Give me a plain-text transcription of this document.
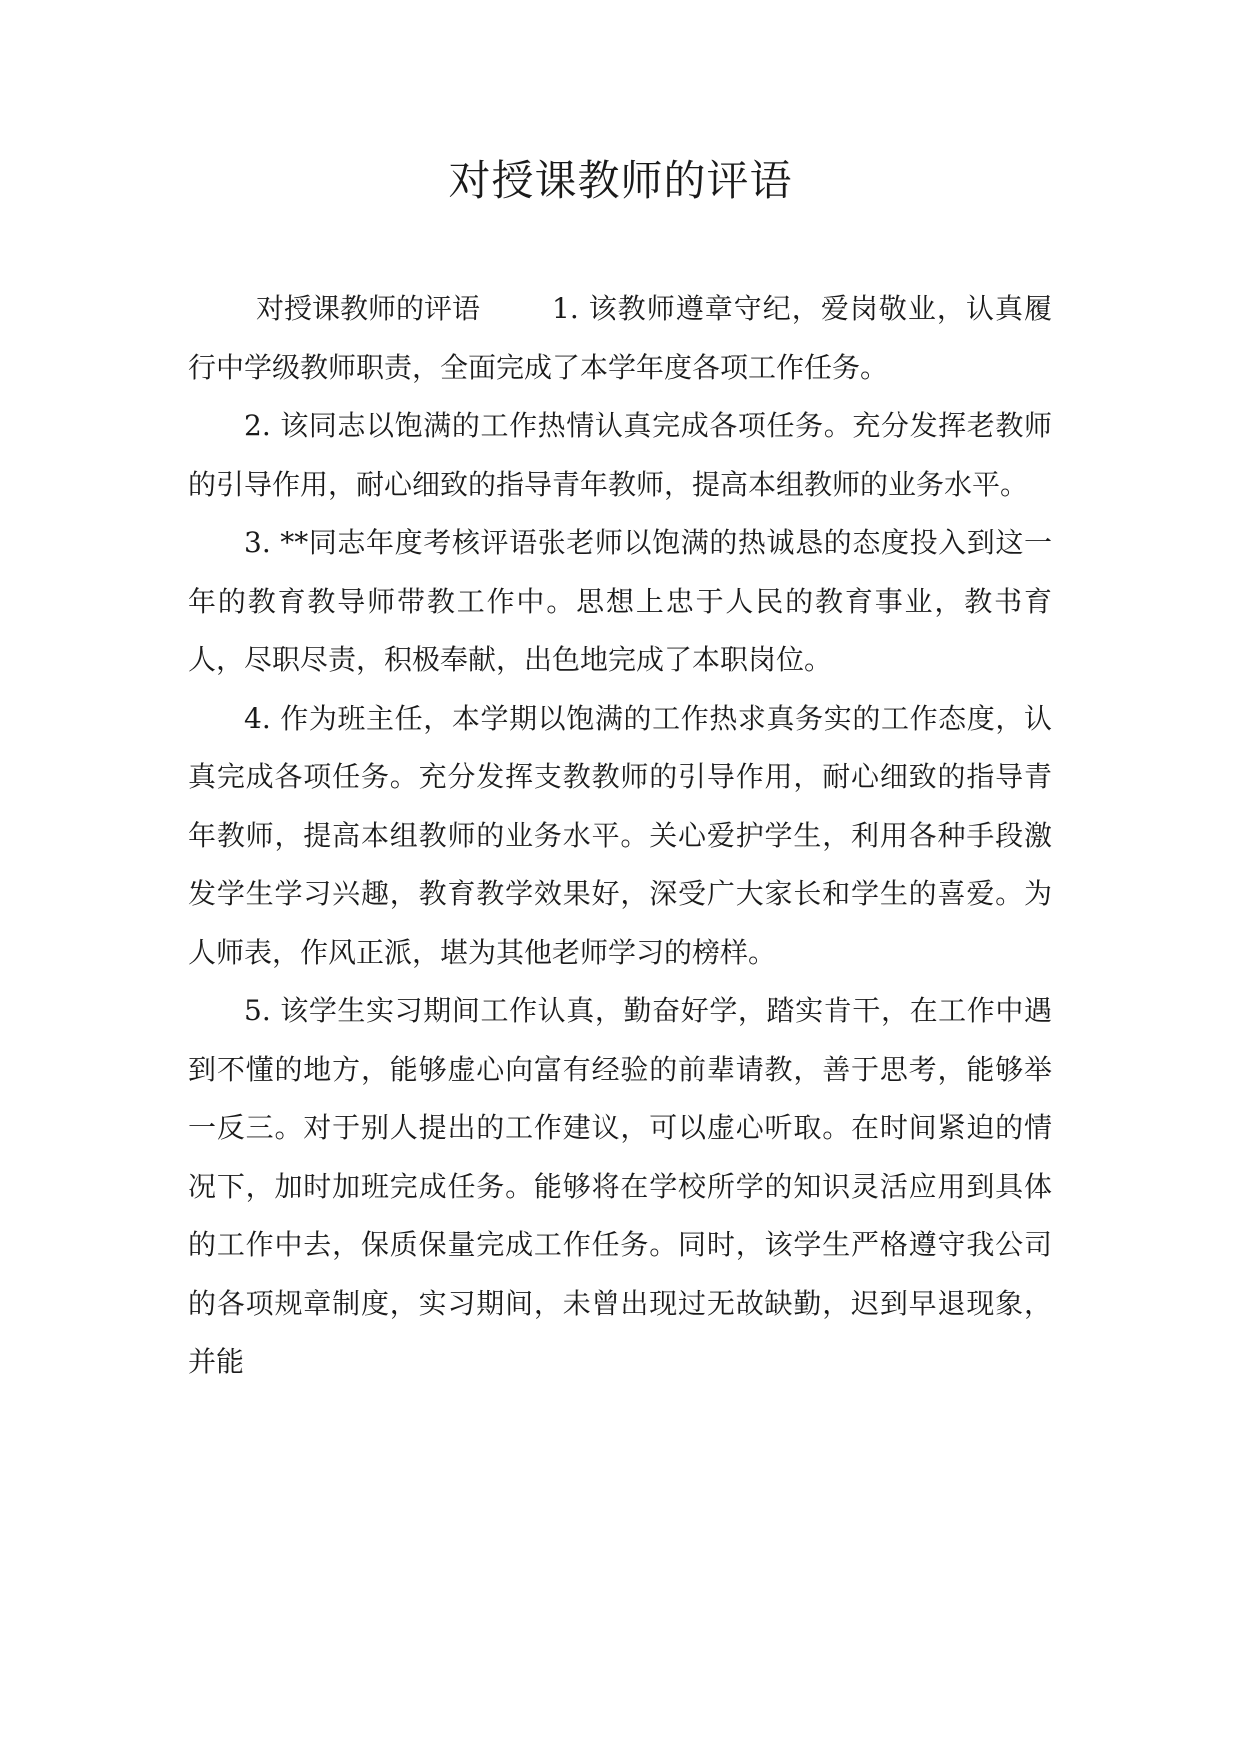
对授课教师的评语

对授课教师的评语	1. 该教师遵章守纪，爱岗敬业，认真履行中学级教师职责，全面完成了本学年度各项工作任务。

2. 该同志以饱满的工作热情认真完成各项任务。充分发挥老教师的引导作用，耐心细致的指导青年教师，提高本组教师的业务水平。

3. **同志年度考核评语张老师以饱满的热诚恳的态度投入到这一年的教育教导师带教工作中。思想上忠于人民的教育事业，教书育人，尽职尽责，积极奉献，出色地完成了本职岗位。

4. 作为班主任，本学期以饱满的工作热求真务实的工作态度，认真完成各项任务。充分发挥支教教师的引导作用，耐心细致的指导青年教师，提高本组教师的业务水平。关心爱护学生，利用各种手段激发学生学习兴趣，教育教学效果好，深受广大家长和学生的喜爱。为人师表，作风正派，堪为其他老师学习的榜样。

5. 该学生实习期间工作认真，勤奋好学，踏实肯干，在工作中遇到不懂的地方，能够虚心向富有经验的前辈请教，善于思考，能够举一反三。对于别人提出的工作建议，可以虚心听取。在时间紧迫的情况下，加时加班完成任务。能够将在学校所学的知识灵活应用到具体的工作中去，保质保量完成工作任务。同时，该学生严格遵守我公司的各项规章制度，实习期间，未曾出现过无故缺勤，迟到早退现象，并能
